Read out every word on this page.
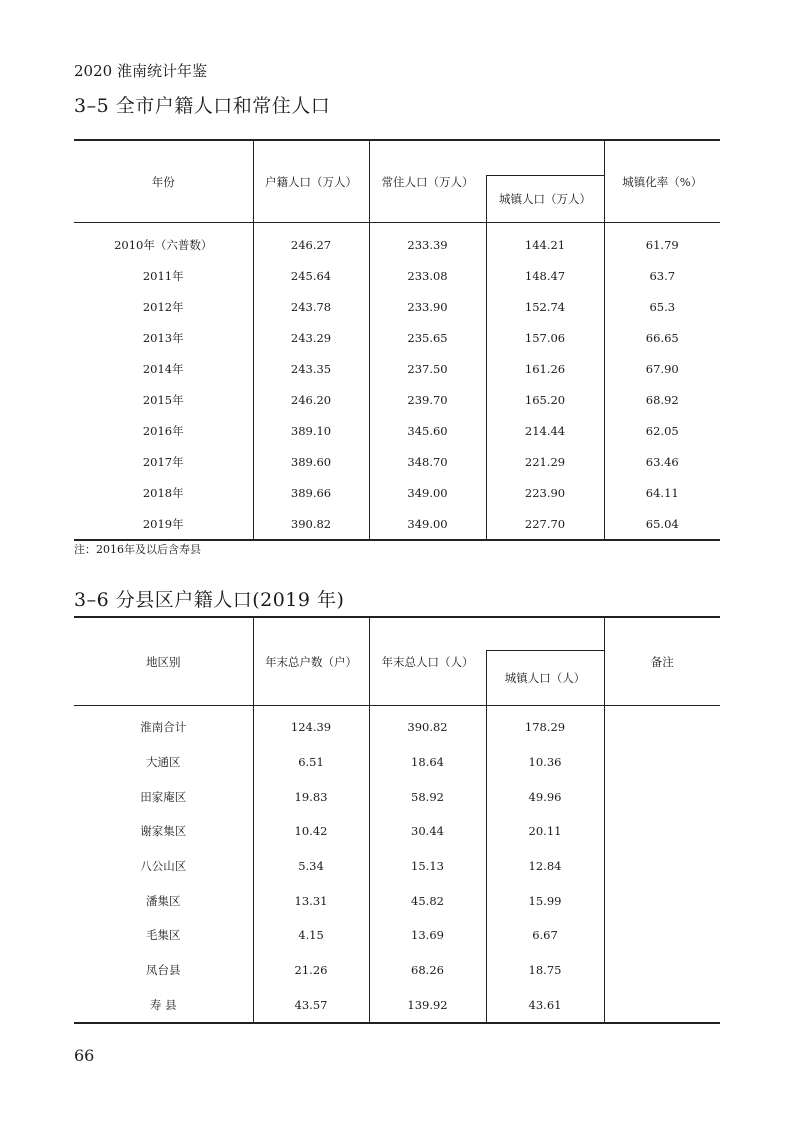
2020 淮南统计年鉴
3–5 全市户籍人口和常住人口
年份	户籍人口（万人）	常住人口（万人）		城镇化率（%）
			城镇人口（万人）	
2010年（六普数）	246.27	233.39	144.21	61.79
2011年	245.64	233.08	148.47	63.7
2012年	243.78	233.90	152.74	65.3
2013年	243.29	235.65	157.06	66.65
2014年	243.35	237.50	161.26	67.90
2015年	246.20	239.70	165.20	68.92
2016年	389.10	345.60	214.44	62.05
2017年	389.60	348.70	221.29	63.46
2018年	389.66	349.00	223.90	64.11
2019年	390.82	349.00	227.70	65.04
注：2016年及以后含寿县
3–6 分县区户籍人口(2019 年)
地区别	年末总户数（户）	年末总人口（人）		备注
			城镇人口（人）	
淮南合计	124.39	390.82	178.29	
大通区	6.51	18.64	10.36	
田家庵区	19.83	58.92	49.96	
谢家集区	10.42	30.44	20.11	
八公山区	5.34	15.13	12.84	
潘集区	13.31	45.82	15.99	
毛集区	4.15	13.69	6.67	
凤台县	21.26	68.26	18.75	
寿 县	43.57	139.92	43.61	
66
